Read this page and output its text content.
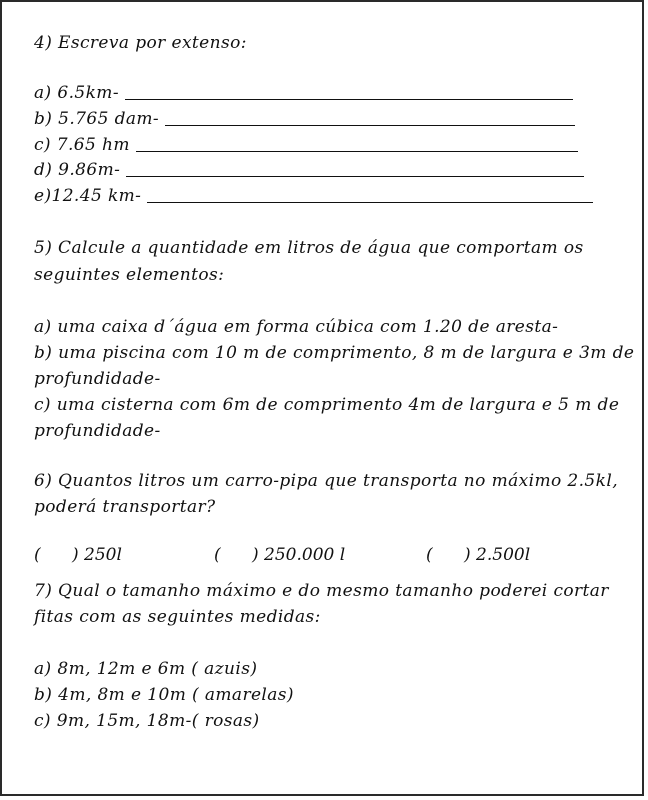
4) Escreva por extenso:
a) 6.5km-
b) 5.765 dam-
c) 7.65 hm
d) 9.86m-
e)12.45 km-
5) Calcule a quantidade em litros de água que comportam os
seguintes elementos:
a) uma caixa d´água em forma cúbica com 1.20 de aresta-
b) uma piscina com 10 m de comprimento, 8 m de largura e 3m de
profundidade-
c) uma cisterna com 6m de comprimento 4m de largura e 5 m de
profundidade-
6) Quantos litros um carro-pipa que transporta no máximo 2.5kl,
poderá transportar?
( ) 250l	( ) 250.000 l	( ) 2.500l
7) Qual o tamanho máximo e do mesmo tamanho poderei cortar
fitas com as seguintes medidas:
a) 8m, 12m e 6m ( azuis)
b) 4m, 8m e 10m ( amarelas)
c) 9m, 15m, 18m-( rosas)
